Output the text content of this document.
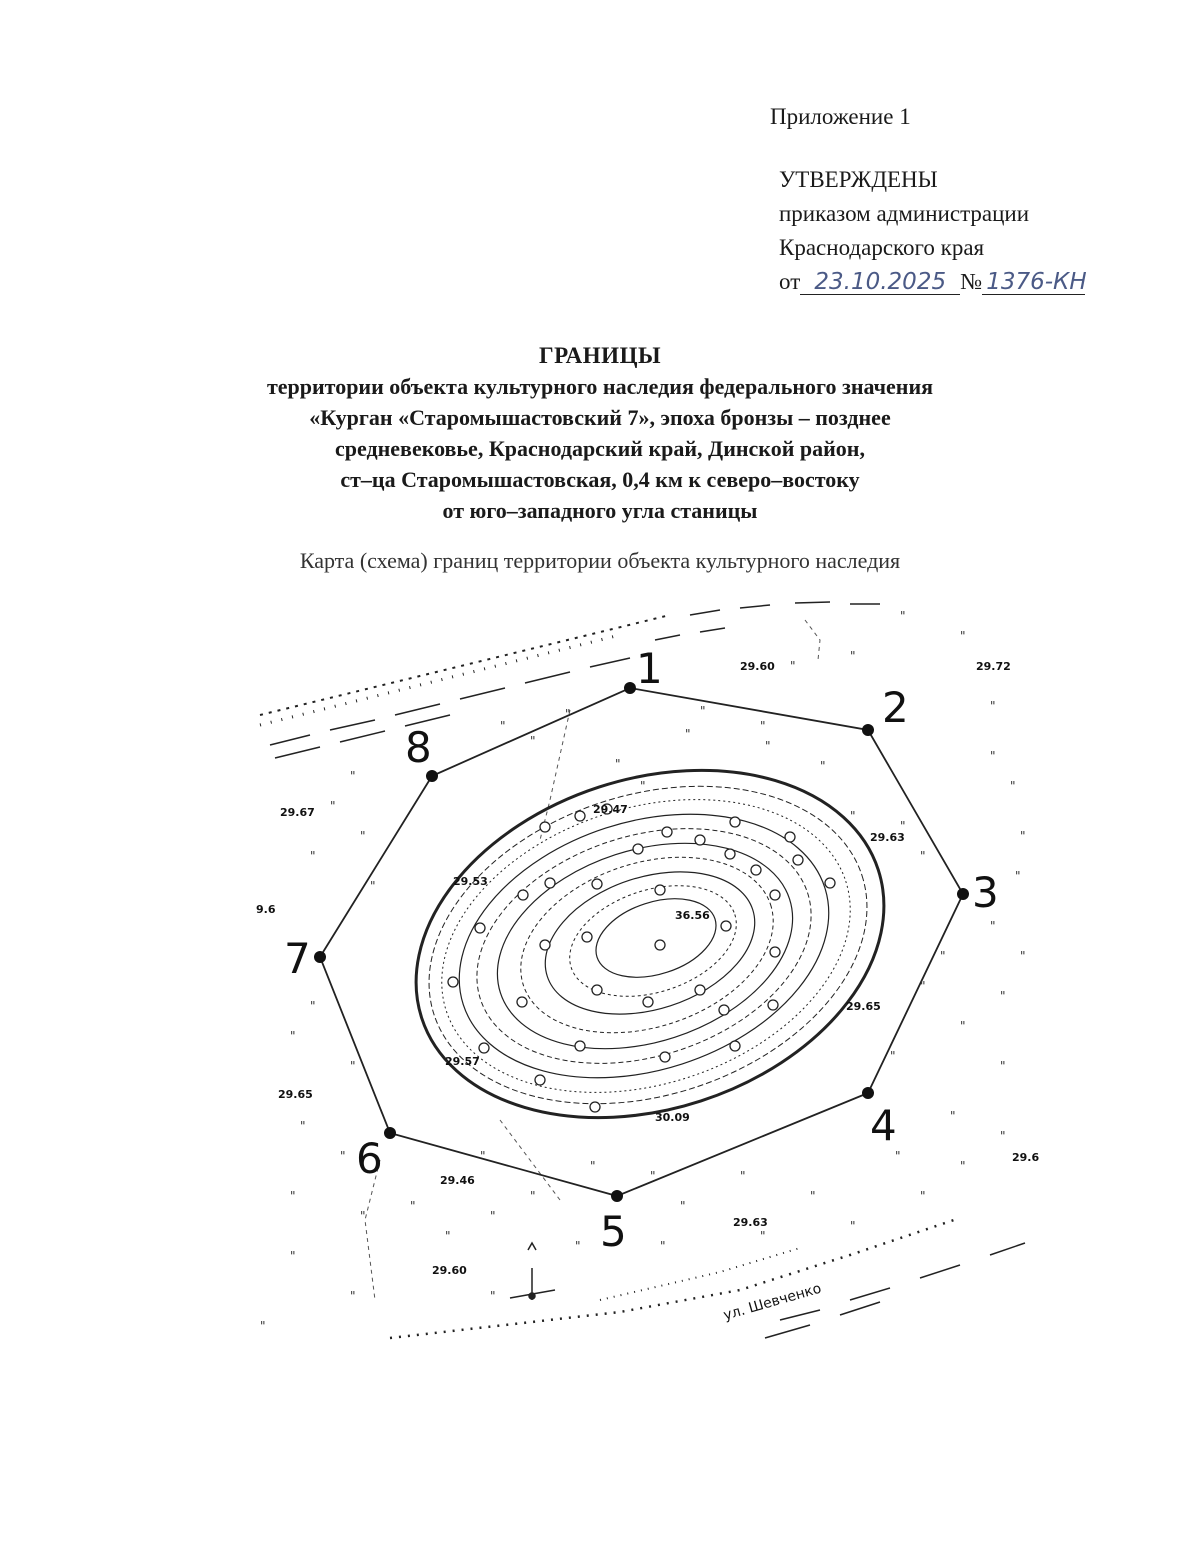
Приложение 1
УТВЕРЖДЕНЫ
приказом администрации
Краснодарского края
от 23.10.2025 № 1376-КН
ГРАНИЦЫ
территории объекта культурного наследия федерального значения
«Курган «Старомышастовский 7», эпоха бронзы – позднее
средневековье, Краснодарский край, Динской район,
ст–ца Старомышастовская, 0,4 км к северо–востоку
от юго–западного угла станицы
Карта (схема) границ территории объекта культурного наследия
1
2
3
4
5
6
7
8
29.60	29.72
29.67	29.47
29.63
29.53
36.56
9.6
29.65
29.57
29.65
30.09
29.46
29.6
29.63
29.60
"
"
"
"
"
"
"
"
"
"
"
"
"
"
"
"
"
"
"
"
"
"
"
"
"
"
"
"
"
"
"
"
"
"
"
"
"
"
"
"
"
"
"
"
"
"
"
"
"
"
"
"
"
"
"
"
"
"
"
"
"	"
"
"
"
ул. Шевченко
